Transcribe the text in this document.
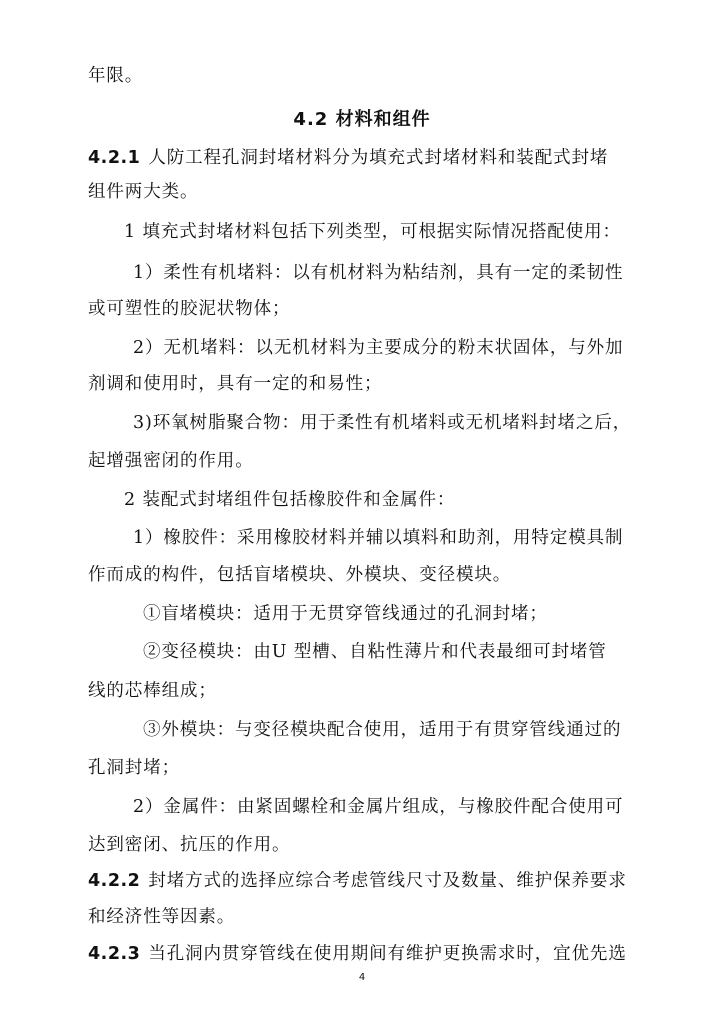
年限。
4.2 材料和组件
4.2.1 人防工程孔洞封堵材料分为填充式封堵材料和装配式封堵
组件两大类。
1 填充式封堵材料包括下列类型，可根据实际情况搭配使用：
1）柔性有机堵料：以有机材料为粘结剂，具有一定的柔韧性
或可塑性的胶泥状物体；
2）无机堵料：以无机材料为主要成分的粉末状固体，与外加
剂调和使用时，具有一定的和易性；
3)环氧树脂聚合物：用于柔性有机堵料或无机堵料封堵之后，
起增强密闭的作用。
2 装配式封堵组件包括橡胶件和金属件：
1）橡胶件：采用橡胶材料并辅以填料和助剂，用特定模具制
作而成的构件，包括盲堵模块、外模块、变径模块。
①盲堵模块：适用于无贯穿管线通过的孔洞封堵；
②变径模块：由U 型槽、自粘性薄片和代表最细可封堵管
线的芯棒组成；
③外模块：与变径模块配合使用，适用于有贯穿管线通过的
孔洞封堵；
2）金属件：由紧固螺栓和金属片组成，与橡胶件配合使用可
达到密闭、抗压的作用。
4.2.2 封堵方式的选择应综合考虑管线尺寸及数量、维护保养要求
和经济性等因素。
4.2.3 当孔洞内贯穿管线在使用期间有维护更换需求时，宜优先选
4
